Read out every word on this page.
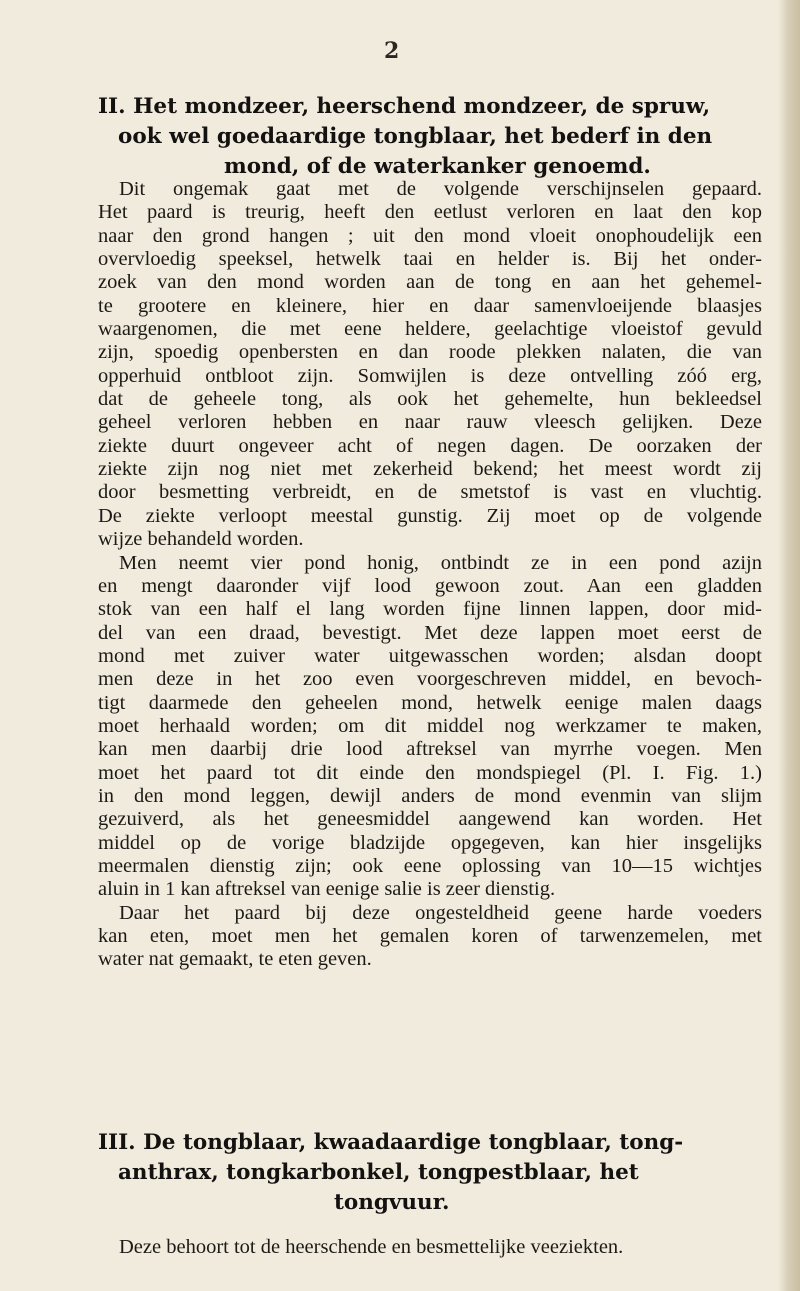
2
II. Het mondzeer, heerschend mondzeer, de spruw,
ook wel goedaardige tongblaar, het bederf in den
mond, of de waterkanker genoemd.
Dit ongemak gaat met de volgende verschijnselen gepaard.
Het paard is treurig, heeft den eetlust verloren en laat den kop
naar den grond hangen ; uit den mond vloeit onophoudelijk een
overvloedig speeksel, hetwelk taai en helder is. Bij het onder-
zoek van den mond worden aan de tong en aan het gehemel-
te grootere en kleinere, hier en daar samenvloeijende blaasjes
waargenomen, die met eene heldere, geelachtige vloeistof gevuld
zijn, spoedig openbersten en dan roode plekken nalaten, die van
opperhuid ontbloot zijn. Somwijlen is deze ontvelling zóó erg,
dat de geheele tong, als ook het gehemelte, hun bekleedsel
geheel verloren hebben en naar rauw vleesch gelijken. Deze
ziekte duurt ongeveer acht of negen dagen. De oorzaken der
ziekte zijn nog niet met zekerheid bekend; het meest wordt zij
door besmetting verbreidt, en de smetstof is vast en vluchtig.
De ziekte verloopt meestal gunstig. Zij moet op de volgende
wijze behandeld worden.
Men neemt vier pond honig, ontbindt ze in een pond azijn
en mengt daaronder vijf lood gewoon zout. Aan een gladden
stok van een half el lang worden fijne linnen lappen, door mid-
del van een draad, bevestigt. Met deze lappen moet eerst de
mond met zuiver water uitgewasschen worden; alsdan doopt
men deze in het zoo even voorgeschreven middel, en bevoch-
tigt daarmede den geheelen mond, hetwelk eenige malen daags
moet herhaald worden; om dit middel nog werkzamer te maken,
kan men daarbij drie lood aftreksel van myrrhe voegen. Men
moet het paard tot dit einde den mondspiegel (Pl. I. Fig. 1.)
in den mond leggen, dewijl anders de mond evenmin van slijm
gezuiverd, als het geneesmiddel aangewend kan worden. Het
middel op de vorige bladzijde opgegeven, kan hier insgelijks
meermalen dienstig zijn; ook eene oplossing van 10—15 wichtjes
aluin in 1 kan aftreksel van eenige salie is zeer dienstig.
Daar het paard bij deze ongesteldheid geene harde voeders
kan eten, moet men het gemalen koren of tarwenzemelen, met
water nat gemaakt, te eten geven.
III. De tongblaar, kwaadaardige tongblaar, tong-
anthrax, tongkarbonkel, tongpestblaar, het
tongvuur.
Deze behoort tot de heerschende en besmettelijke veeziekten.
